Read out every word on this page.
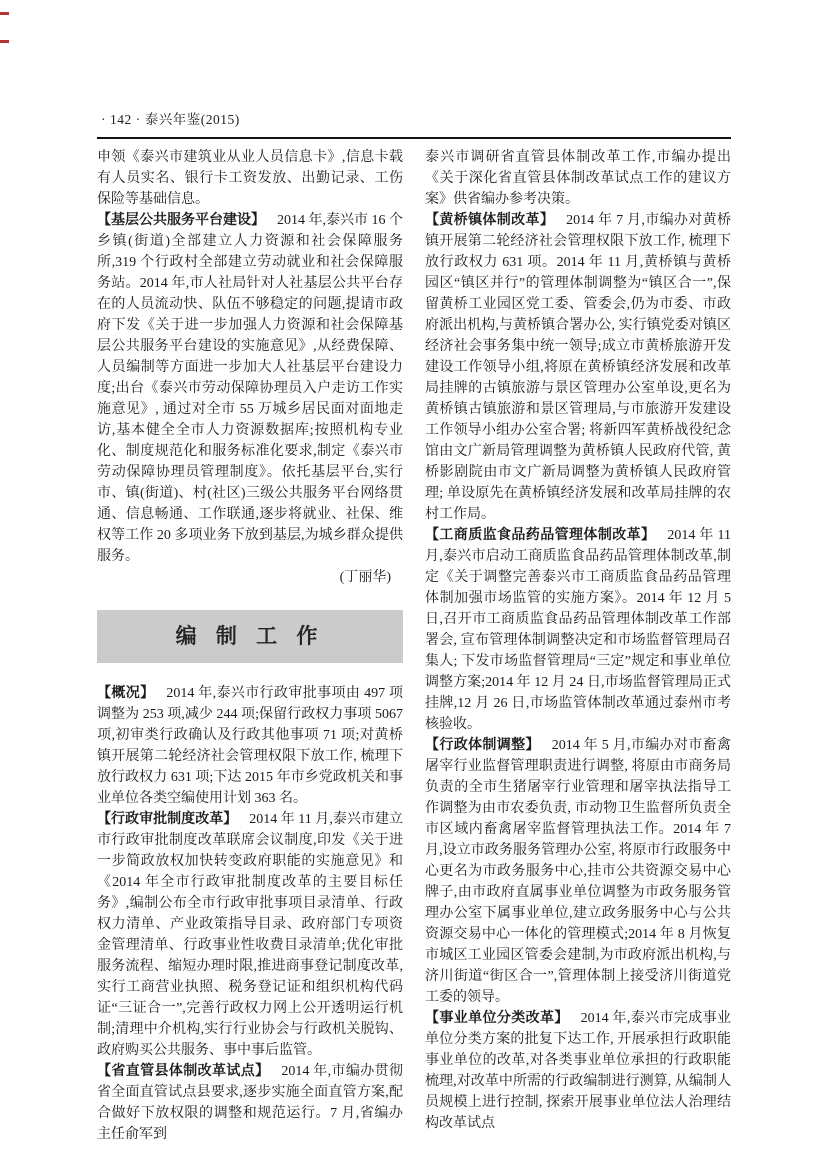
· 142 · 泰兴年鉴(2015)

申领《泰兴市建筑业从业人员信息卡》,信息卡载有人员实名、银行卡工资发放、出勤记录、工伤保险等基础信息。

【基层公共服务平台建设】 2014 年,泰兴市 16 个乡镇(街道)全部建立人力资源和社会保障服务所,319 个行政村全部建立劳动就业和社会保障服务站。2014 年,市人社局针对人社基层公共平台存在的人员流动快、队伍不够稳定的问题,提请市政府下发《关于进一步加强人力资源和社会保障基层公共服务平台建设的实施意见》,从经费保障、人员编制等方面进一步加大人社基层平台建设力度;出台《泰兴市劳动保障协理员入户走访工作实施意见》, 通过对全市 55 万城乡居民面对面地走访,基本健全全市人力资源数据库;按照机构专业化、制度规范化和服务标准化要求,制定《泰兴市劳动保障协理员管理制度》。依托基层平台,实行市、镇(街道)、村(社区)三级公共服务平台网络贯通、信息畅通、工作联通,逐步将就业、社保、维权等工作 20 多项业务下放到基层,为城乡群众提供服务。

(丁丽华)

编 制 工 作

【概况】 2014 年,泰兴市行政审批事项由 497 项调整为 253 项,减少 244 项;保留行政权力事项 5067 项,初审类行政确认及行政其他事项 71 项;对黄桥镇开展第二轮经济社会管理权限下放工作, 梳理下放行政权力 631 项;下达 2015 年市乡党政机关和事业单位各类空编使用计划 363 名。

【行政审批制度改革】 2014 年 11 月,泰兴市建立市行政审批制度改革联席会议制度,印发《关于进一步简政放权加快转变政府职能的实施意见》和《2014 年全市行政审批制度改革的主要目标任务》,编制公布全市行政审批事项目录清单、行政权力清单、产业政策指导目录、政府部门专项资金管理清单、行政事业性收费目录清单;优化审批服务流程、缩短办理时限,推进商事登记制度改革,实行工商营业执照、税务登记证和组织机构代码证“三证合一”,完善行政权力网上公开透明运行机制;清理中介机构,实行行业协会与行政机关脱钩、政府购买公共服务、事中事后监管。

【省直管县体制改革试点】 2014 年,市编办贯彻省全面直管试点县要求,逐步实施全面直管方案,配合做好下放权限的调整和规范运行。7 月,省编办主任俞军到

泰兴市调研省直管县体制改革工作,市编办提出《关于深化省直管县体制改革试点工作的建议方案》供省编办参考决策。

【黄桥镇体制改革】 2014 年 7 月,市编办对黄桥镇开展第二轮经济社会管理权限下放工作, 梳理下放行政权力 631 项。2014 年 11 月,黄桥镇与黄桥园区“镇区并行”的管理体制调整为“镇区合一”,保留黄桥工业园区党工委、管委会,仍为市委、市政府派出机构,与黄桥镇合署办公, 实行镇党委对镇区经济社会事务集中统一领导;成立市黄桥旅游开发建设工作领导小组,将原在黄桥镇经济发展和改革局挂牌的古镇旅游与景区管理办公室单设,更名为黄桥镇古镇旅游和景区管理局,与市旅游开发建设工作领导小组办公室合署; 将新四军黄桥战役纪念馆由文广新局管理调整为黄桥镇人民政府代管, 黄桥影剧院由市文广新局调整为黄桥镇人民政府管理; 单设原先在黄桥镇经济发展和改革局挂牌的农村工作局。

【工商质监食品药品管理体制改革】 2014 年 11 月,泰兴市启动工商质监食品药品管理体制改革,制定《关于调整完善泰兴市工商质监食品药品管理体制加强市场监管的实施方案》。2014 年 12 月 5 日,召开市工商质监食品药品管理体制改革工作部署会, 宣布管理体制调整决定和市场监督管理局召集人; 下发市场监督管理局“三定”规定和事业单位调整方案;2014 年 12 月 24 日,市场监督管理局正式挂牌,12 月 26 日,市场监管体制改革通过泰州市考核验收。

【行政体制调整】 2014 年 5 月,市编办对市畜禽屠宰行业监督管理职责进行调整, 将原由市商务局负责的全市生猪屠宰行业管理和屠宰执法指导工作调整为由市农委负责, 市动物卫生监督所负责全市区域内畜禽屠宰监督管理执法工作。2014 年 7 月,设立市政务服务管理办公室, 将原市行政服务中心更名为市政务服务中心,挂市公共资源交易中心牌子,由市政府直属事业单位调整为市政务服务管理办公室下属事业单位,建立政务服务中心与公共资源交易中心一体化的管理模式;2014 年 8 月恢复市城区工业园区管委会建制,为市政府派出机构,与济川街道“街区合一”,管理体制上接受济川街道党工委的领导。

【事业单位分类改革】 2014 年,泰兴市完成事业单位分类方案的批复下达工作, 开展承担行政职能事业单位的改革,对各类事业单位承担的行政职能梳理,对改革中所需的行政编制进行测算, 从编制人员规模上进行控制, 探索开展事业单位法人治理结构改革试点
